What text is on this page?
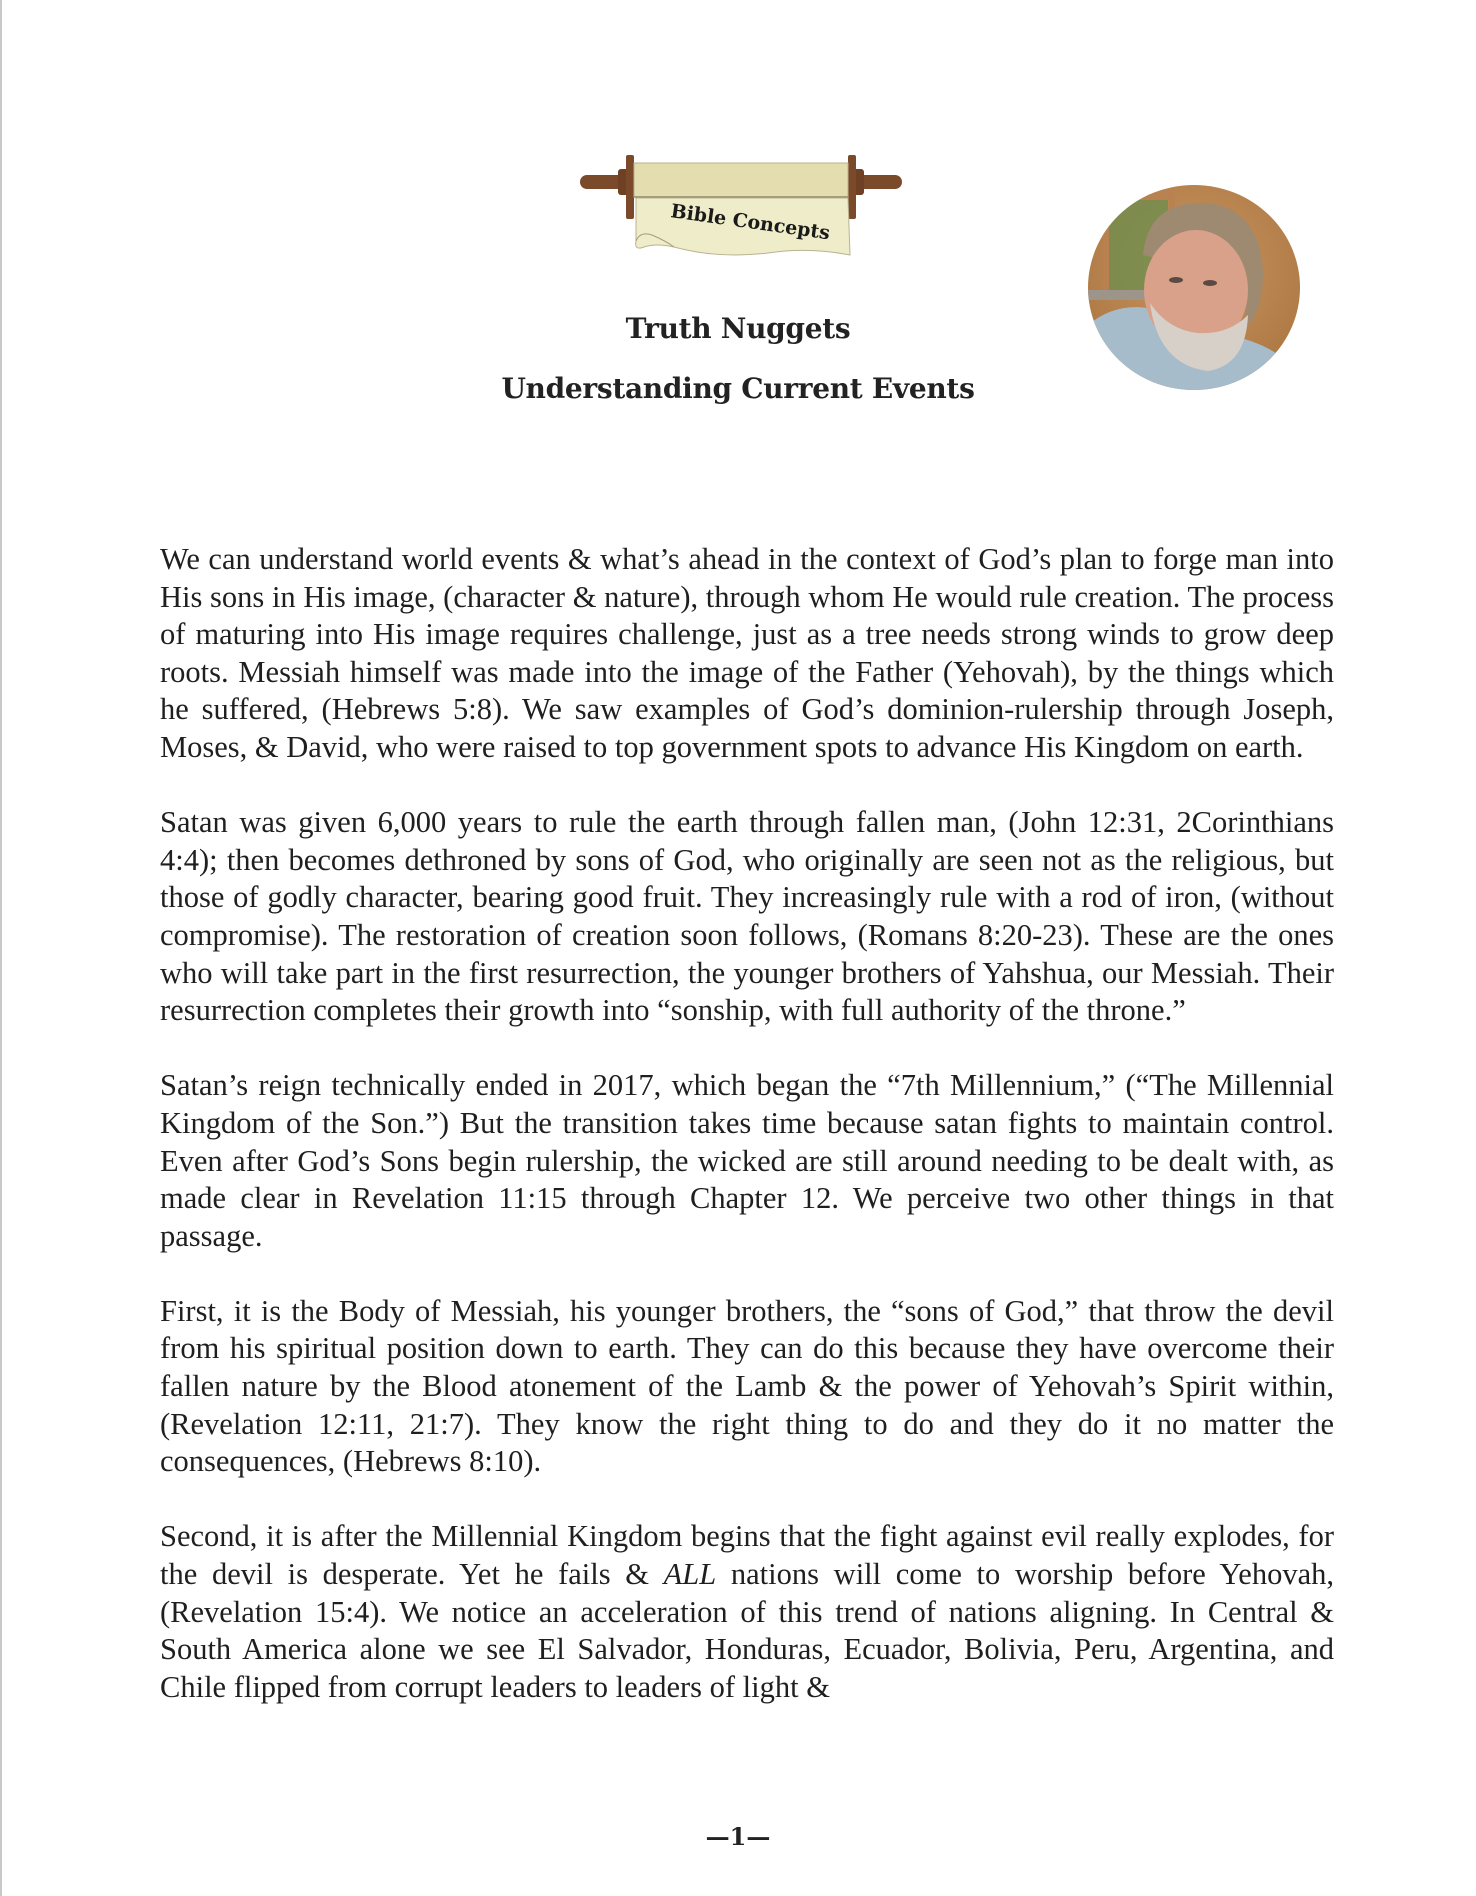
Bible Concepts
Truth Nuggets
Understanding Current Events

We can understand world events & what’s ahead in the context of God’s plan to forge man into His sons in His image, (character & nature), through whom He would rule creation. The process of maturing into His image requires challenge, just as a tree needs strong winds to grow deep roots. Messiah himself was made into the image of the Father (Yehovah), by the things which he suffered, (Hebrews 5:8). We saw examples of God’s dominion-rulership through Joseph, Moses, & David, who were raised to top government spots to advance His Kingdom on earth.

Satan was given 6,000 years to rule the earth through fallen man, (John 12:31, 2Corinthians 4:4); then becomes dethroned by sons of God, who originally are seen not as the religious, but those of godly character, bearing good fruit. They increasingly rule with a rod of iron, (without compromise). The restoration of creation soon follows, (Romans 8:20-23). These are the ones who will take part in the first resurrection, the younger brothers of Yahshua, our Messiah. Their resurrection completes their growth into “sonship, with full authority of the throne.”

Satan’s reign technically ended in 2017, which began the “7th Millennium,” (“The Millennial Kingdom of the Son.”) But the transition takes time because satan fights to maintain control. Even after God’s Sons begin rulership, the wicked are still around needing to be dealt with, as made clear in Revelation 11:15 through Chapter 12. We perceive two other things in that passage.

First, it is the Body of Messiah, his younger brothers, the “sons of God,” that throw the devil from his spiritual position down to earth. They can do this because they have overcome their fallen nature by the Blood atonement of the Lamb & the power of Yehovah’s Spirit within, (Revelation 12:11, 21:7). They know the right thing to do and they do it no matter the consequences, (Hebrews 8:10).

Second, it is after the Millennial Kingdom begins that the fight against evil really explodes, for the devil is desperate. Yet he fails & ALL nations will come to worship before Yehovah, (Revelation 15:4). We notice an acceleration of this trend of nations aligning. In Central & South America alone we see El Salvador, Honduras, Ecuador, Bolivia, Peru, Argentina, and Chile flipped from corrupt leaders to leaders of light &

—1—
